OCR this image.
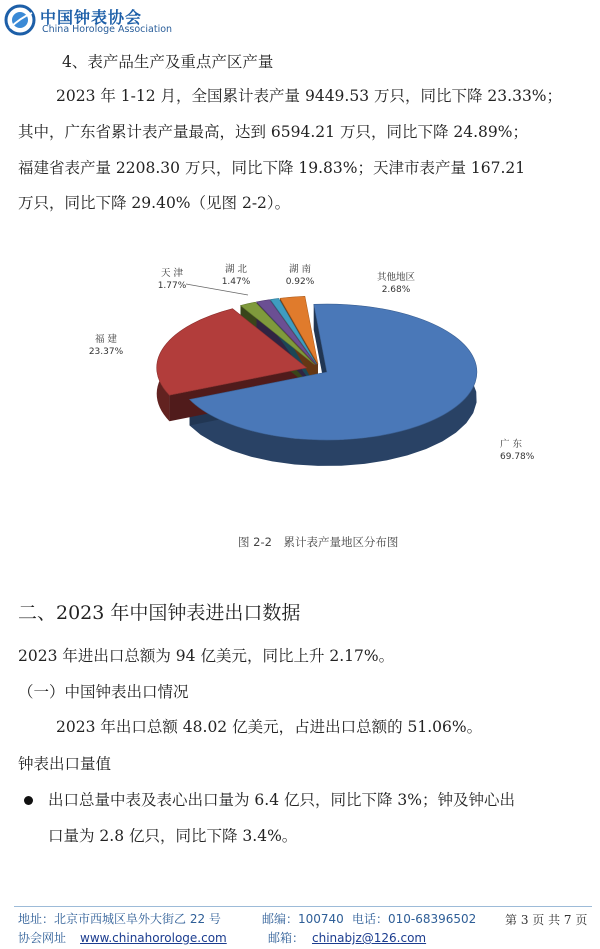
中国钟表协会
China Horologe Association
4、表产品生产及重点产区产量
2023 年 1-12 月，全国累计表产量 9449.53 万只，同比下降 23.33%；
其中，广东省累计表产量最高，达到 6594.21 万只，同比下降 24.89%；
福建省表产量 2208.30 万只，同比下降 19.83%；天津市表产量 167.21
万只，同比下降 29.40%（见图 2-2）。
广 东
69.78%
福 建
23.37%
天 津
1.77%
湖 北
1.47%
湖 南
0.92%	其他地区
2.68%
图 2-2　累计表产量地区分布图
二、2023 年中国钟表进出口数据
2023 年进出口总额为 94 亿美元，同比上升 2.17%。
（一）中国钟表出口情况
2023 年出口总额 48.02 亿美元，占进出口总额的 51.06%。
钟表出口量值
出口总量中表及表心出口量为 6.4 亿只，同比下降 3%；钟及钟心出
口量为 2.8 亿只，同比下降 3.4%。
地址：北京市西城区阜外大街乙 22 号	邮编：100740 电话：010-68396502 第 3 页 共 7 页
协会网址 www.chinahorologe.com	邮箱： chinabjz@126.com
